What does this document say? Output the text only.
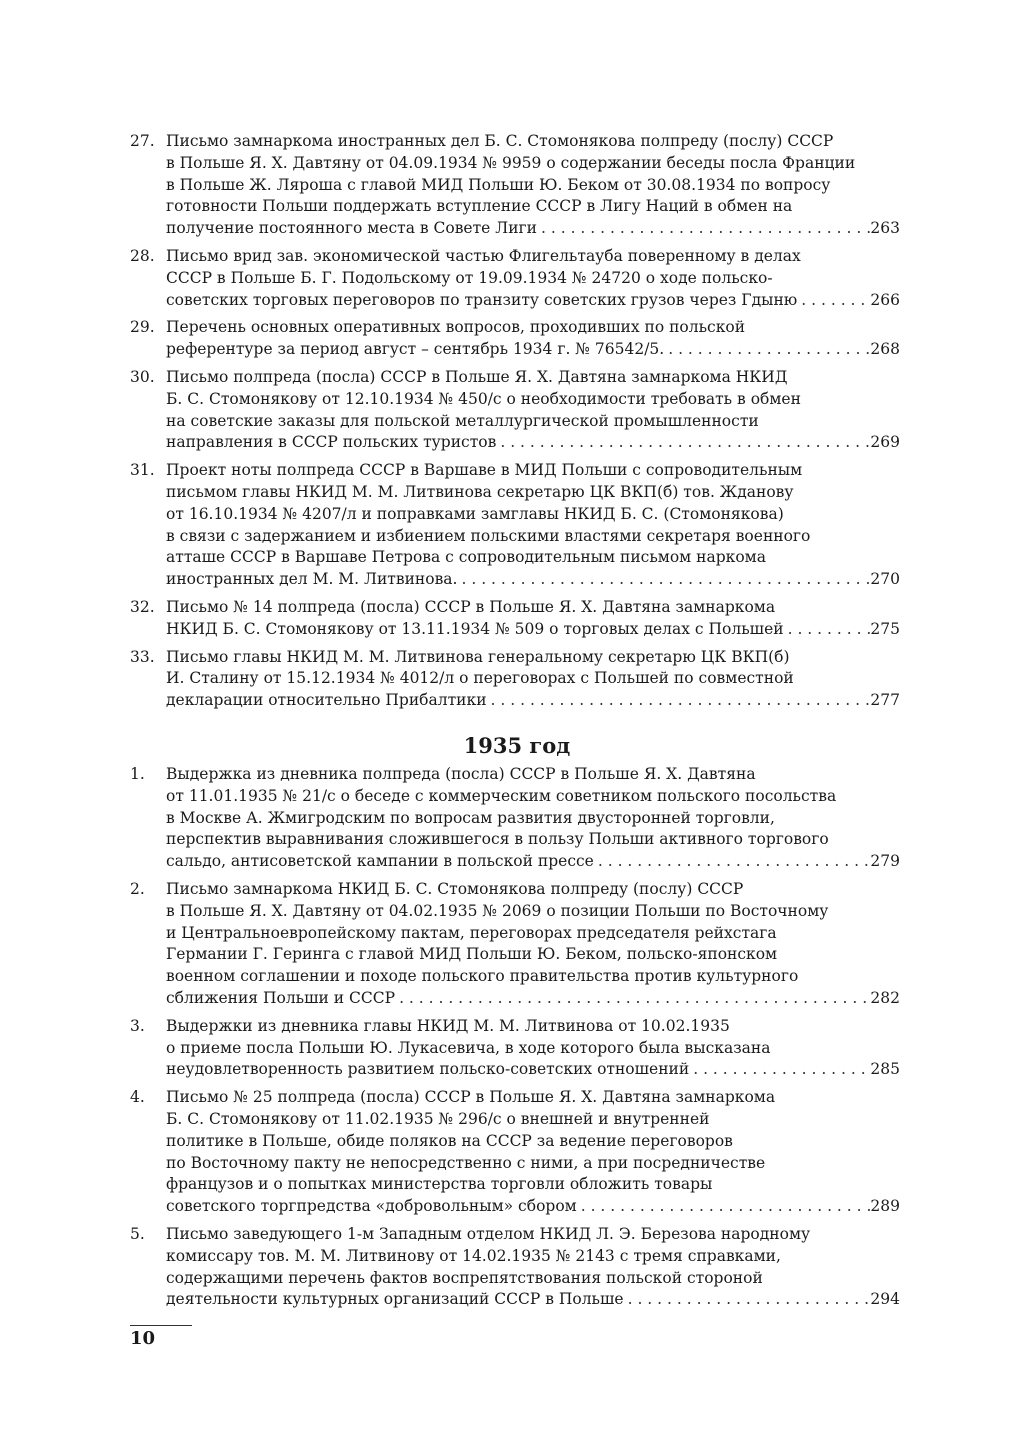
27. Письмо замнаркома иностранных дел Б. С. Стомонякова полпреду (послу) СССР
в Польше Я. Х. Давтяну от 04.09.1934 № 9959 о содержании беседы посла Франции
в Польше Ж. Ляроша с главой МИД Польши Ю. Беком от 30.08.1934 по вопросу
готовности Польши поддержать вступление СССР в Лигу Наций в обмен на
получение постоянного места в Совете Лиги . . .	263
28. Письмо врид зав. экономической частью Флигельтауба поверенному в делах
СССР в Польше Б. Г. Подольскому от 19.09.1934 № 24720 о ходе польско-
советских торговых переговоров по транзиту советских грузов через Гдыню . . .	266
29. Перечень основных оперативных вопросов, проходивших по польской
референтуре за период август – сентябрь 1934 г. № 76542/5. . . .	268
30. Письмо полпреда (посла) СССР в Польше Я. Х. Давтяна замнаркома НКИД
Б. С. Стомонякову от 12.10.1934 № 450/с о необходимости требовать в обмен
на советские заказы для польской металлургической промышленности
направления в СССР польских туристов . . .	269
31. Проект ноты полпреда СССР в Варшаве в МИД Польши с сопроводительным
письмом главы НКИД М. М. Литвинова секретарю ЦК ВКП(б) тов. Жданову
от 16.10.1934 № 4207/л и поправками замглавы НКИД Б. С. (Стомонякова)
в связи с задержанием и избиением польскими властями секретаря военного
атташе СССР в Варшаве Петрова с сопроводительным письмом наркома
иностранных дел М. М. Литвинова. . . .	270
32. Письмо № 14 полпреда (посла) СССР в Польше Я. Х. Давтяна замнаркома
НКИД Б. С. Стомонякову от 13.11.1934 № 509 о торговых делах с Польшей . . .	275
33. Письмо главы НКИД М. М. Литвинова генеральному секретарю ЦК ВКП(б)
И. Сталину от 15.12.1934 № 4012/л о переговорах с Польшей по совместной
декларации относительно Прибалтики . . .	277
1935 год
1. Выдержка из дневника полпреда (посла) СССР в Польше Я. Х. Давтяна
от 11.01.1935 № 21/с о беседе с коммерческим советником польского посольства
в Москве А. Жмигродским по вопросам развития двусторонней торговли,
перспектив выравнивания сложившегося в пользу Польши активного торгового
сальдо, антисоветской кампании в польской прессе . . .	279
2. Письмо замнаркома НКИД Б. С. Стомонякова полпреду (послу) СССР
в Польше Я. Х. Давтяну от 04.02.1935 № 2069 о позиции Польши по Восточному
и Центральноевропейскому пактам, переговорах председателя рейхстага
Германии Г. Геринга с главой МИД Польши Ю. Беком, польско-японском
военном соглашении и походе польского правительства против культурного
сближения Польши и СССР . . .	282
3. Выдержки из дневника главы НКИД М. М. Литвинова от 10.02.1935
о приеме посла Польши Ю. Лукасевича, в ходе которого была высказана
неудовлетворенность развитием польско-советских отношений . . .	285
4. Письмо № 25 полпреда (посла) СССР в Польше Я. Х. Давтяна замнаркома
Б. С. Стомонякову от 11.02.1935 № 296/с о внешней и внутренней
политике в Польше, обиде поляков на СССР за ведение переговоров
по Восточному пакту не непосредственно с ними, а при посредничестве
французов и о попытках министерства торговли обложить товары
советского торгпредства «добровольным» сбором . . .	289
5. Письмо заведующего 1-м Западным отделом НКИД Л. Э. Березова народному
комиссару тов. М. М. Литвинову от 14.02.1935 № 2143 с тремя справками,
содержащими перечень фактов воспрепятствования польской стороной
деятельности культурных организаций СССР в Польше . . .	294
10
